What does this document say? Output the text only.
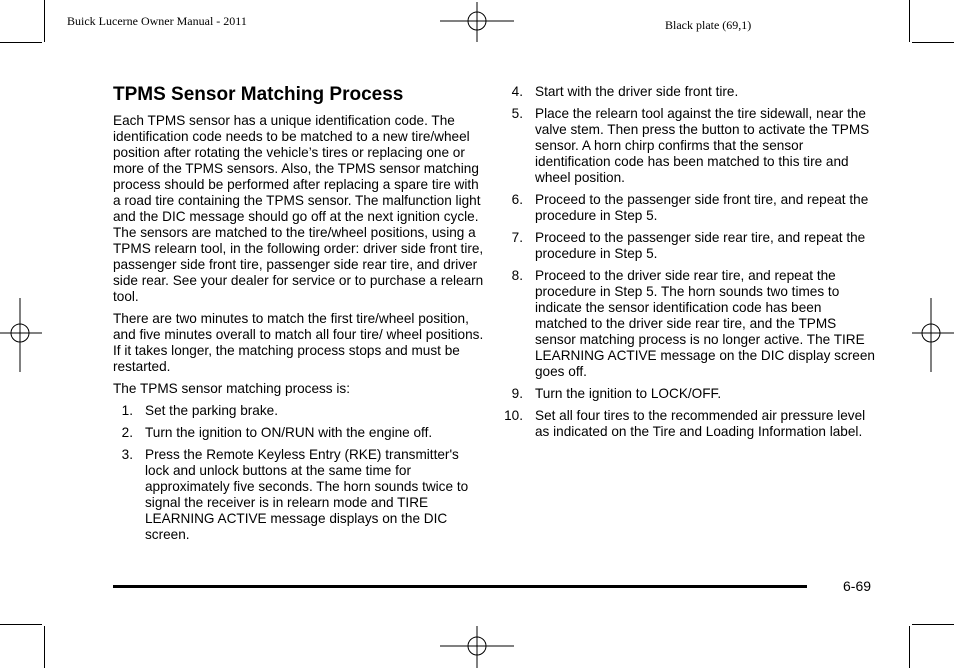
Buick Lucerne Owner Manual - 2011	Black plate (69,1)
TPMS Sensor Matching Process

Each TPMS sensor has a unique identification code. The identification code needs to be matched to a new tire/wheel position after rotating the vehicle’s tires or replacing one or more of the TPMS sensors. Also, the TPMS sensor matching process should be performed after replacing a spare tire with a road tire containing the TPMS sensor. The malfunction light and the DIC message should go off at the next ignition cycle. The sensors are matched to the tire/wheel positions, using a TPMS relearn tool, in the following order: driver side front tire, passenger side front tire, passenger side rear tire, and driver side rear. See your dealer for service or to purchase a relearn tool.

There are two minutes to match the first tire/wheel position, and five minutes overall to match all four tire/ wheel positions. If it takes longer, the matching process stops and must be restarted.

The TPMS sensor matching process is:

1. Set the parking brake.
2. Turn the ignition to ON/RUN with the engine off.
3. Press the Remote Keyless Entry (RKE) transmitter's lock and unlock buttons at the same time for approximately five seconds. The horn sounds twice to signal the receiver is in relearn mode and TIRE LEARNING ACTIVE message displays on the DIC screen.
4. Start with the driver side front tire.
5. Place the relearn tool against the tire sidewall, near the valve stem. Then press the button to activate the TPMS sensor. A horn chirp confirms that the sensor identification code has been matched to this tire and wheel position.
6. Proceed to the passenger side front tire, and repeat the procedure in Step 5.
7. Proceed to the passenger side rear tire, and repeat the procedure in Step 5.
8. Proceed to the driver side rear tire, and repeat the procedure in Step 5. The horn sounds two times to indicate the sensor identification code has been matched to the driver side rear tire, and the TPMS sensor matching process is no longer active. The TIRE LEARNING ACTIVE message on the DIC display screen goes off.
9. Turn the ignition to LOCK/OFF.
10. Set all four tires to the recommended air pressure level as indicated on the Tire and Loading Information label.
6-69
